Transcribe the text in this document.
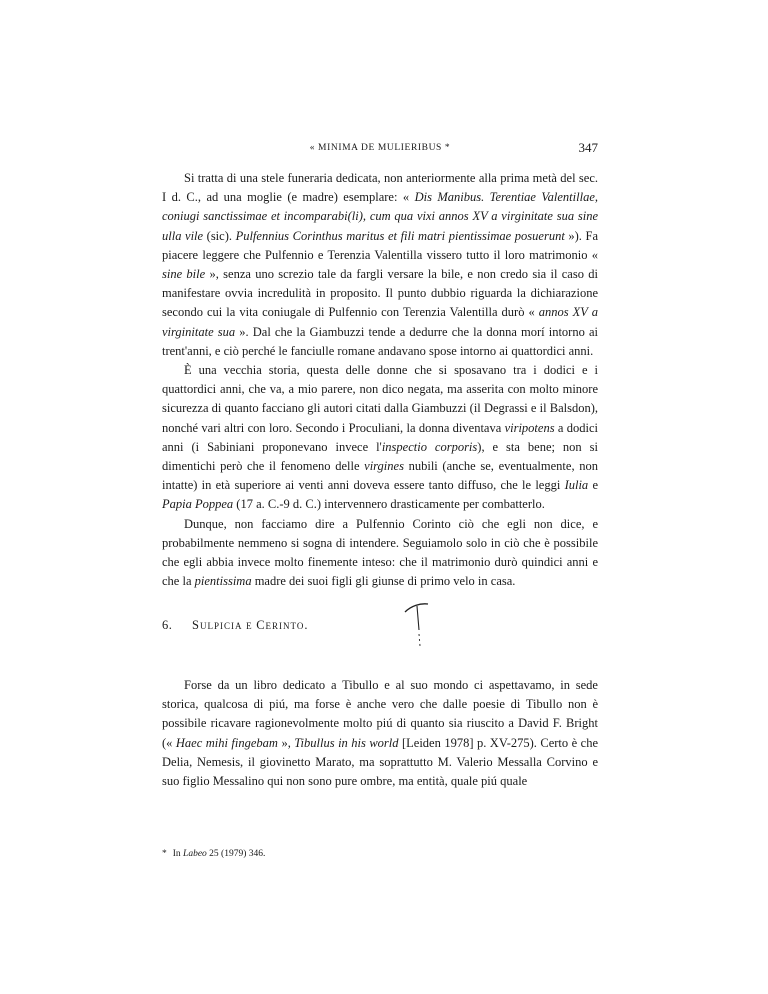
« MINIMA DE MULIERIBUS *	347

Si tratta di una stele funeraria dedicata, non anteriormente alla prima metà del sec. I d. C., ad una moglie (e madre) esemplare: « Dis Manibus. Terentiae Valentillae, coniugi sanctissimae et incomparabi(li), cum qua vixi annos XV a virginitate sua sine ulla vile (sic). Pulfennius Corinthus maritus et fili matri pientissimae posuerunt »). Fa piacere leggere che Pulfennio e Terenzia Valentilla vissero tutto il loro matrimonio « sine bile », senza uno screzio tale da fargli versare la bile, e non credo sia il caso di manifestare ovvia incredulità in proposito. Il punto dubbio riguarda la dichiarazione secondo cui la vita coniugale di Pulfennio con Terenzia Valentilla durò « annos XV a virginitate sua ». Dal che la Giambuzzi tende a dedurre che la donna morí intorno ai trent'anni, e ciò perché le fanciulle romane andavano spose intorno ai quattordici anni.

È una vecchia storia, questa delle donne che si sposavano tra i dodici e i quattordici anni, che va, a mio parere, non dico negata, ma asserita con molto minore sicurezza di quanto facciano gli autori citati dalla Giambuzzi (il Degrassi e il Balsdon), nonché vari altri con loro. Secondo i Proculiani, la donna diventava viripotens a dodici anni (i Sabiniani proponevano invece l'inspectio corporis), e sta bene; non si dimentichi però che il fenomeno delle virgines nubili (anche se, eventualmente, non intatte) in età superiore ai venti anni doveva essere tanto diffuso, che le leggi Iulia e Papia Poppea (17 a. C.-9 d. C.) intervennero drasticamente per combatterlo.

Dunque, non facciamo dire a Pulfennio Corinto ciò che egli non dice, e probabilmente nemmeno si sogna di intendere. Seguiamolo solo in ciò che è possibile che egli abbia invece molto finemente inteso: che il matrimonio durò quindici anni e che la pientissima madre dei suoi figli gli giunse di primo velo in casa.

6. Sulpicia e Cerinto.

Forse da un libro dedicato a Tibullo e al suo mondo ci aspettavamo, in sede storica, qualcosa di piú, ma forse è anche vero che dalle poesie di Tibullo non è possibile ricavare ragionevolmente molto piú di quanto sia riuscito a David F. Bright (« Haec mihi fingebam », Tibullus in his world [Leiden 1978] p. XV-275). Certo è che Delia, Nemesis, il giovinetto Marato, ma soprattutto M. Valerio Messalla Corvino e suo figlio Messalino qui non sono pure ombre, ma entità, quale piú quale

* In Labeo 25 (1979) 346.
